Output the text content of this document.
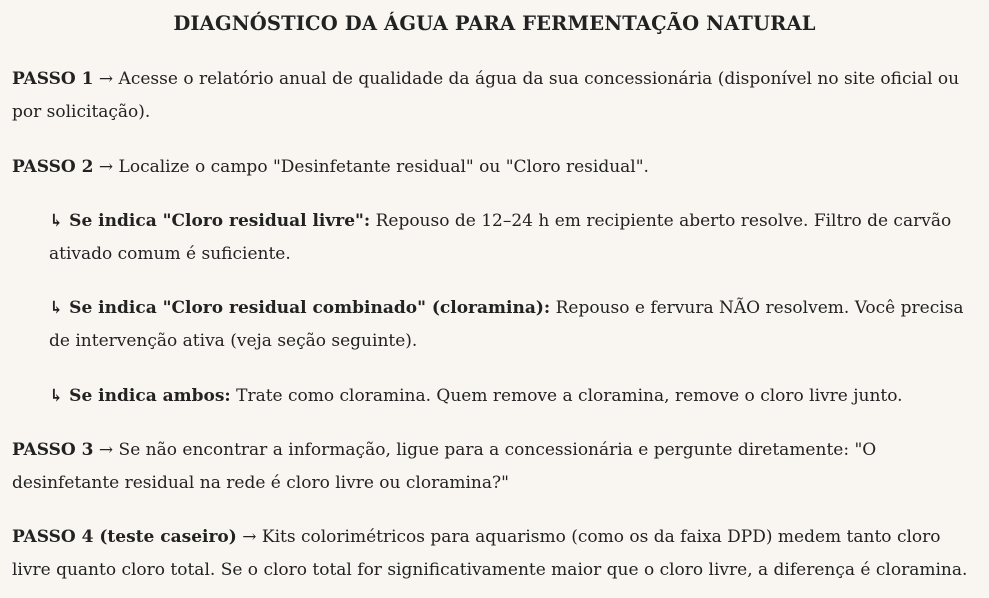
DIAGNÓSTICO DA ÁGUA PARA FERMENTAÇÃO NATURAL

PASSO 1 → Acesse o relatório anual de qualidade da água da sua concessionária (disponível no site oficial ou por solicitação).

PASSO 2 → Localize o campo "Desinfetante residual" ou "Cloro residual".

↳ Se indica "Cloro residual livre": Repouso de 12–24 h em recipiente aberto resolve. Filtro de carvão ativado comum é suficiente.

↳ Se indica "Cloro residual combinado" (cloramina): Repouso e fervura NÃO resolvem. Você precisa de intervenção ativa (veja seção seguinte).

↳ Se indica ambos: Trate como cloramina. Quem remove a cloramina, remove o cloro livre junto.

PASSO 3 → Se não encontrar a informação, ligue para a concessionária e pergunte diretamente: "O desinfetante residual na rede é cloro livre ou cloramina?"

PASSO 4 (teste caseiro) → Kits colorimétricos para aquarismo (como os da faixa DPD) medem tanto cloro livre quanto cloro total. Se o cloro total for significativamente maior que o cloro livre, a diferença é cloramina.
